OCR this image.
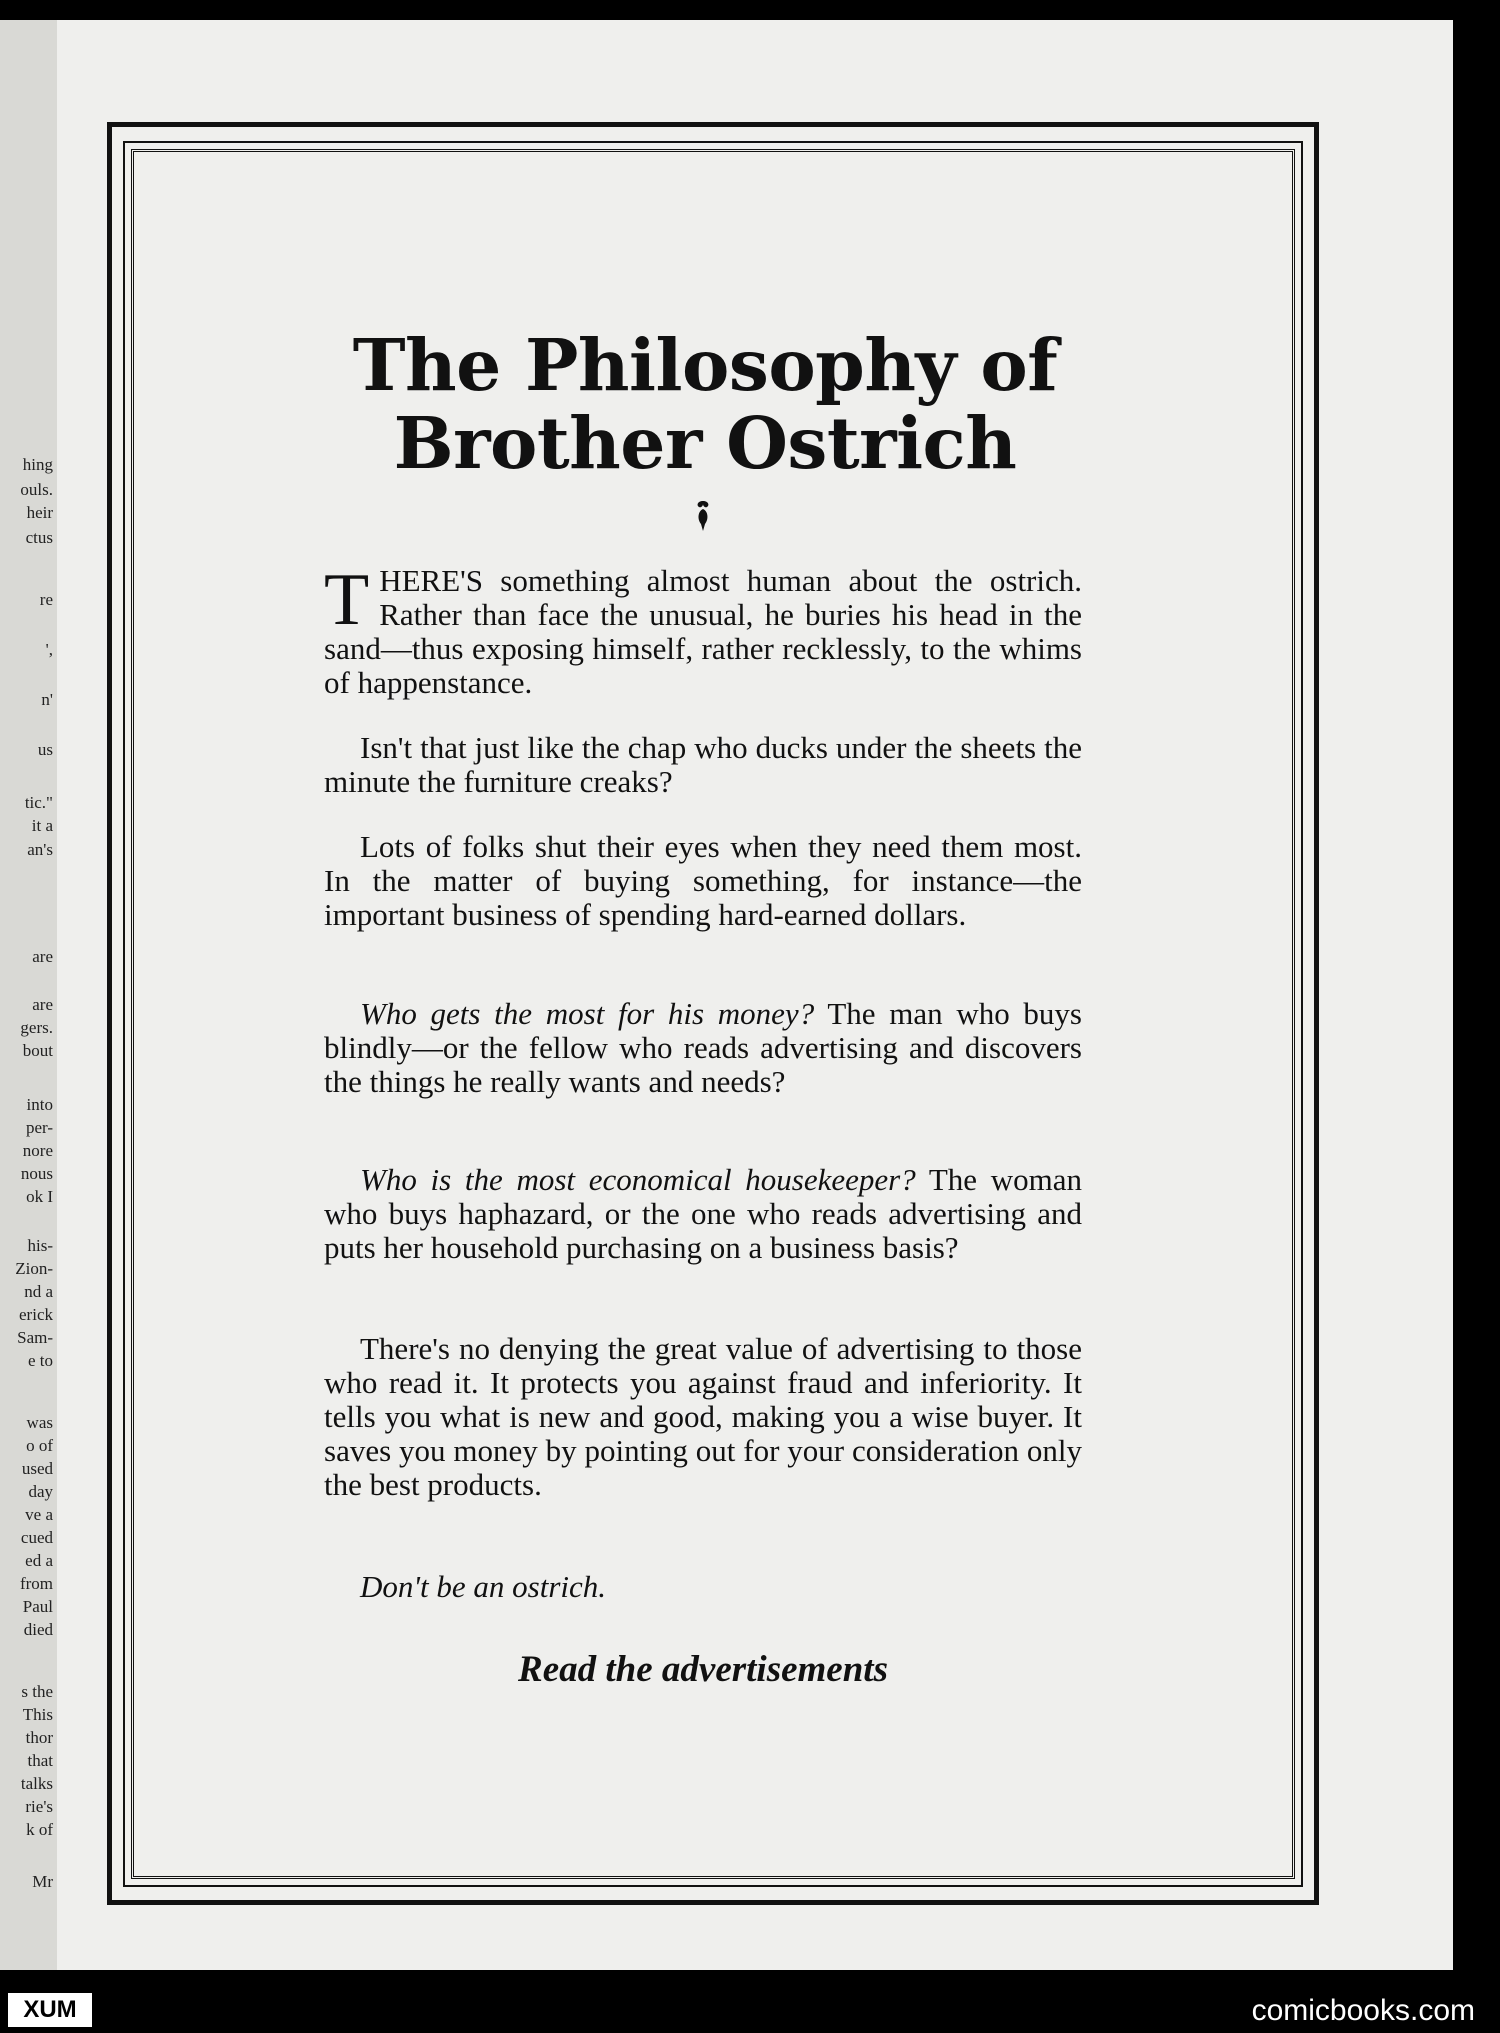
hing
ouls.
heir
ctus
re
',
n'
us
tic."
it a
an's
are
are
gers.
bout
into
per-
nore
nous
ok I
his-
Zion-
nd a
erick
Sam-
e to
was
o of
used
day
ve a
cued
ed a
from
Paul
died
s the
This
thor
that
talks
rie's
k of
Mr
The Philosophy of
Brother Ostrich
THERE'S something almost human about the ostrich. Rather than face the unusual, he buries his head in the sand—thus exposing himself, rather recklessly, to the whims of happenstance.
Isn't that just like the chap who ducks under the sheets the minute the furniture creaks?
Lots of folks shut their eyes when they need them most. In the matter of buying something, for instance—the important business of spending hard-earned dollars.
Who gets the most for his money? The man who buys blindly—or the fellow who reads advertising and discovers the things he really wants and needs?
Who is the most economical housekeeper? The woman who buys haphazard, or the one who reads advertising and puts her household purchasing on a business basis?
There's no denying the great value of advertising to those who read it. It protects you against fraud and inferiority. It tells you what is new and good, making you a wise buyer. It saves you money by pointing out for your consideration only the best products.
Don't be an ostrich.
Read the advertisements
XUM	comicbooks.com
